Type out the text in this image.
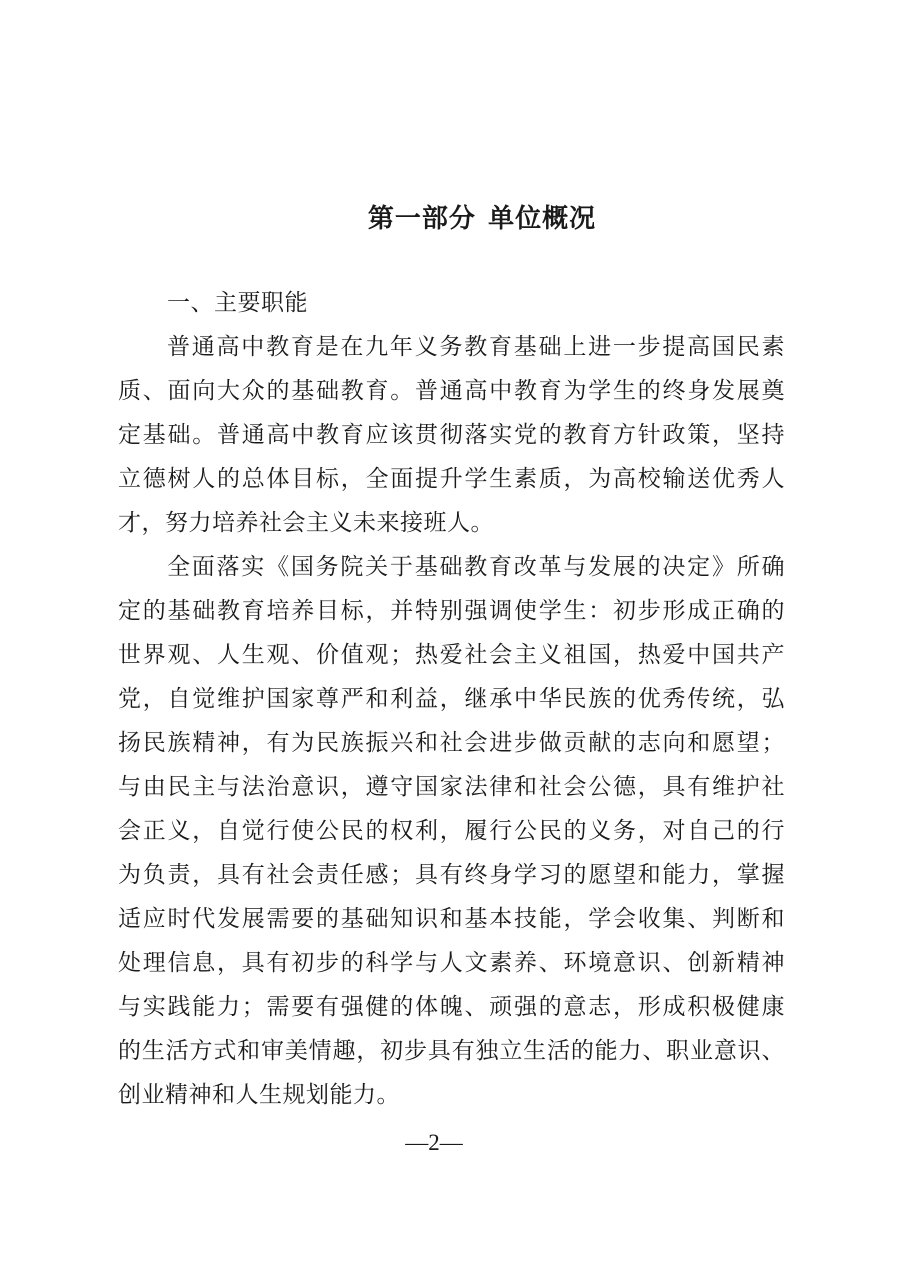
第一部分 单位概况
一、主要职能
普通高中教育是在九年义务教育基础上进一步提高国民素
质、面向大众的基础教育。普通高中教育为学生的终身发展奠
定基础。普通高中教育应该贯彻落实党的教育方针政策，坚持
立德树人的总体目标，全面提升学生素质，为高校输送优秀人
才，努力培养社会主义未来接班人。
全面落实《国务院关于基础教育改革与发展的决定》所确
定的基础教育培养目标，并特别强调使学生：初步形成正确的
世界观、人生观、价值观；热爱社会主义祖国，热爱中国共产
党，自觉维护国家尊严和利益，继承中华民族的优秀传统，弘
扬民族精神，有为民族振兴和社会进步做贡献的志向和愿望；
与由民主与法治意识，遵守国家法律和社会公德，具有维护社
会正义，自觉行使公民的权利，履行公民的义务，对自己的行
为负责，具有社会责任感；具有终身学习的愿望和能力，掌握
适应时代发展需要的基础知识和基本技能，学会收集、判断和
处理信息，具有初步的科学与人文素养、环境意识、创新精神
与实践能力；需要有强健的体魄、顽强的意志，形成积极健康
的生活方式和审美情趣，初步具有独立生活的能力、职业意识、
创业精神和人生规划能力。
—2—
